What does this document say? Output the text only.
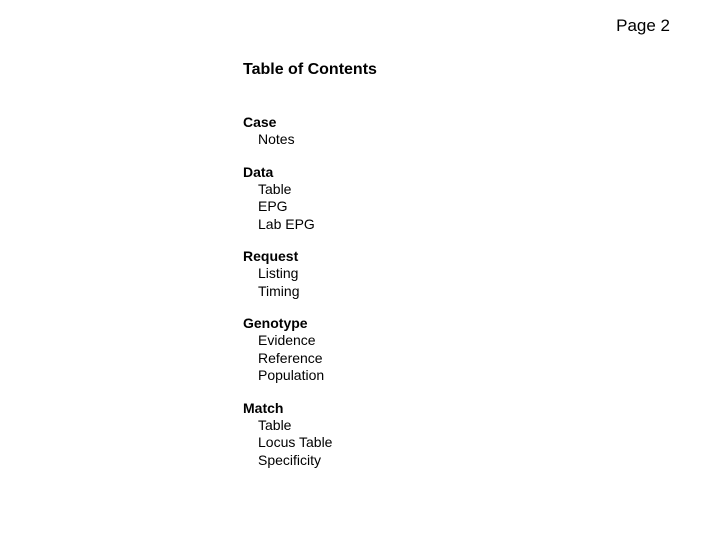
Page 2
Table of Contents
Case
Notes
Data
Table
EPG
Lab EPG
Request
Listing
Timing
Genotype
Evidence
Reference
Population
Match
Table
Locus Table
Specificity
